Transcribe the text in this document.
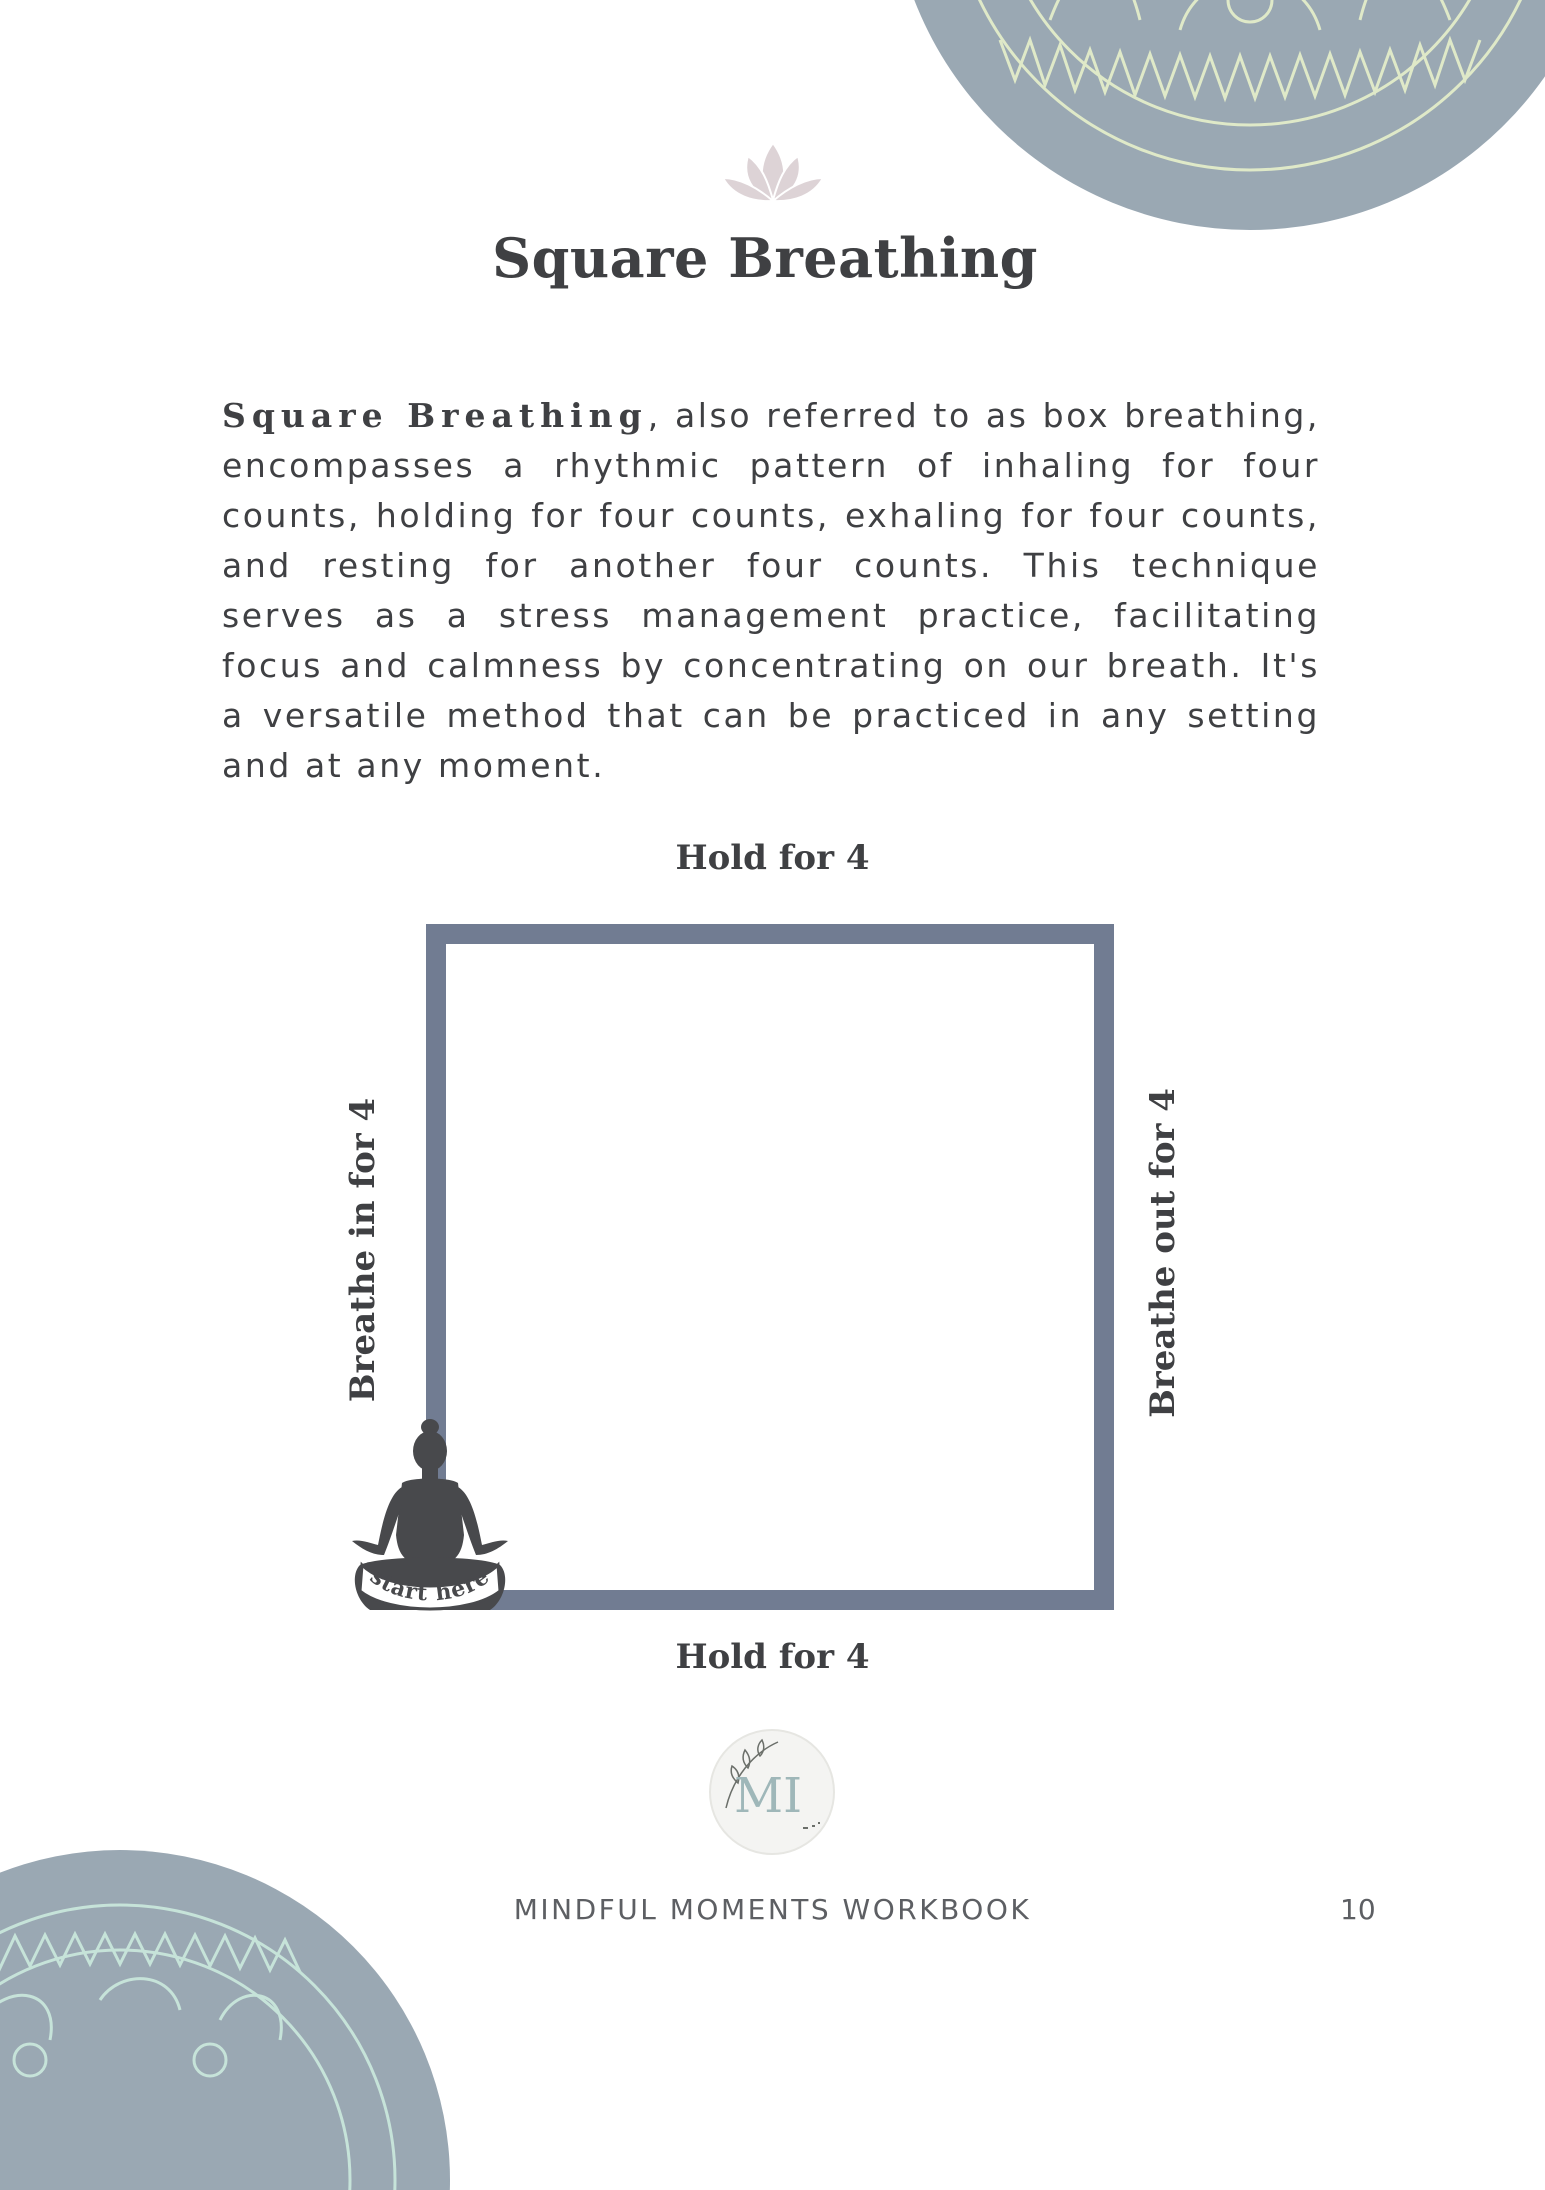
Square Breathing

Square Breathing, also referred to as box breathing, encompasses a rhythmic pattern of inhaling for four counts, holding for four counts, exhaling for four counts, and resting for another four counts. This technique serves as a stress management practice, facilitating focus and calmness by concentrating on our breath. It's a versatile method that can be practiced in any setting and at any moment.

Hold for 4
Breathe in for 4	Breathe out for 4
Hold for 4
start here
MI
MINDFUL MOMENTS WORKBOOK	10
